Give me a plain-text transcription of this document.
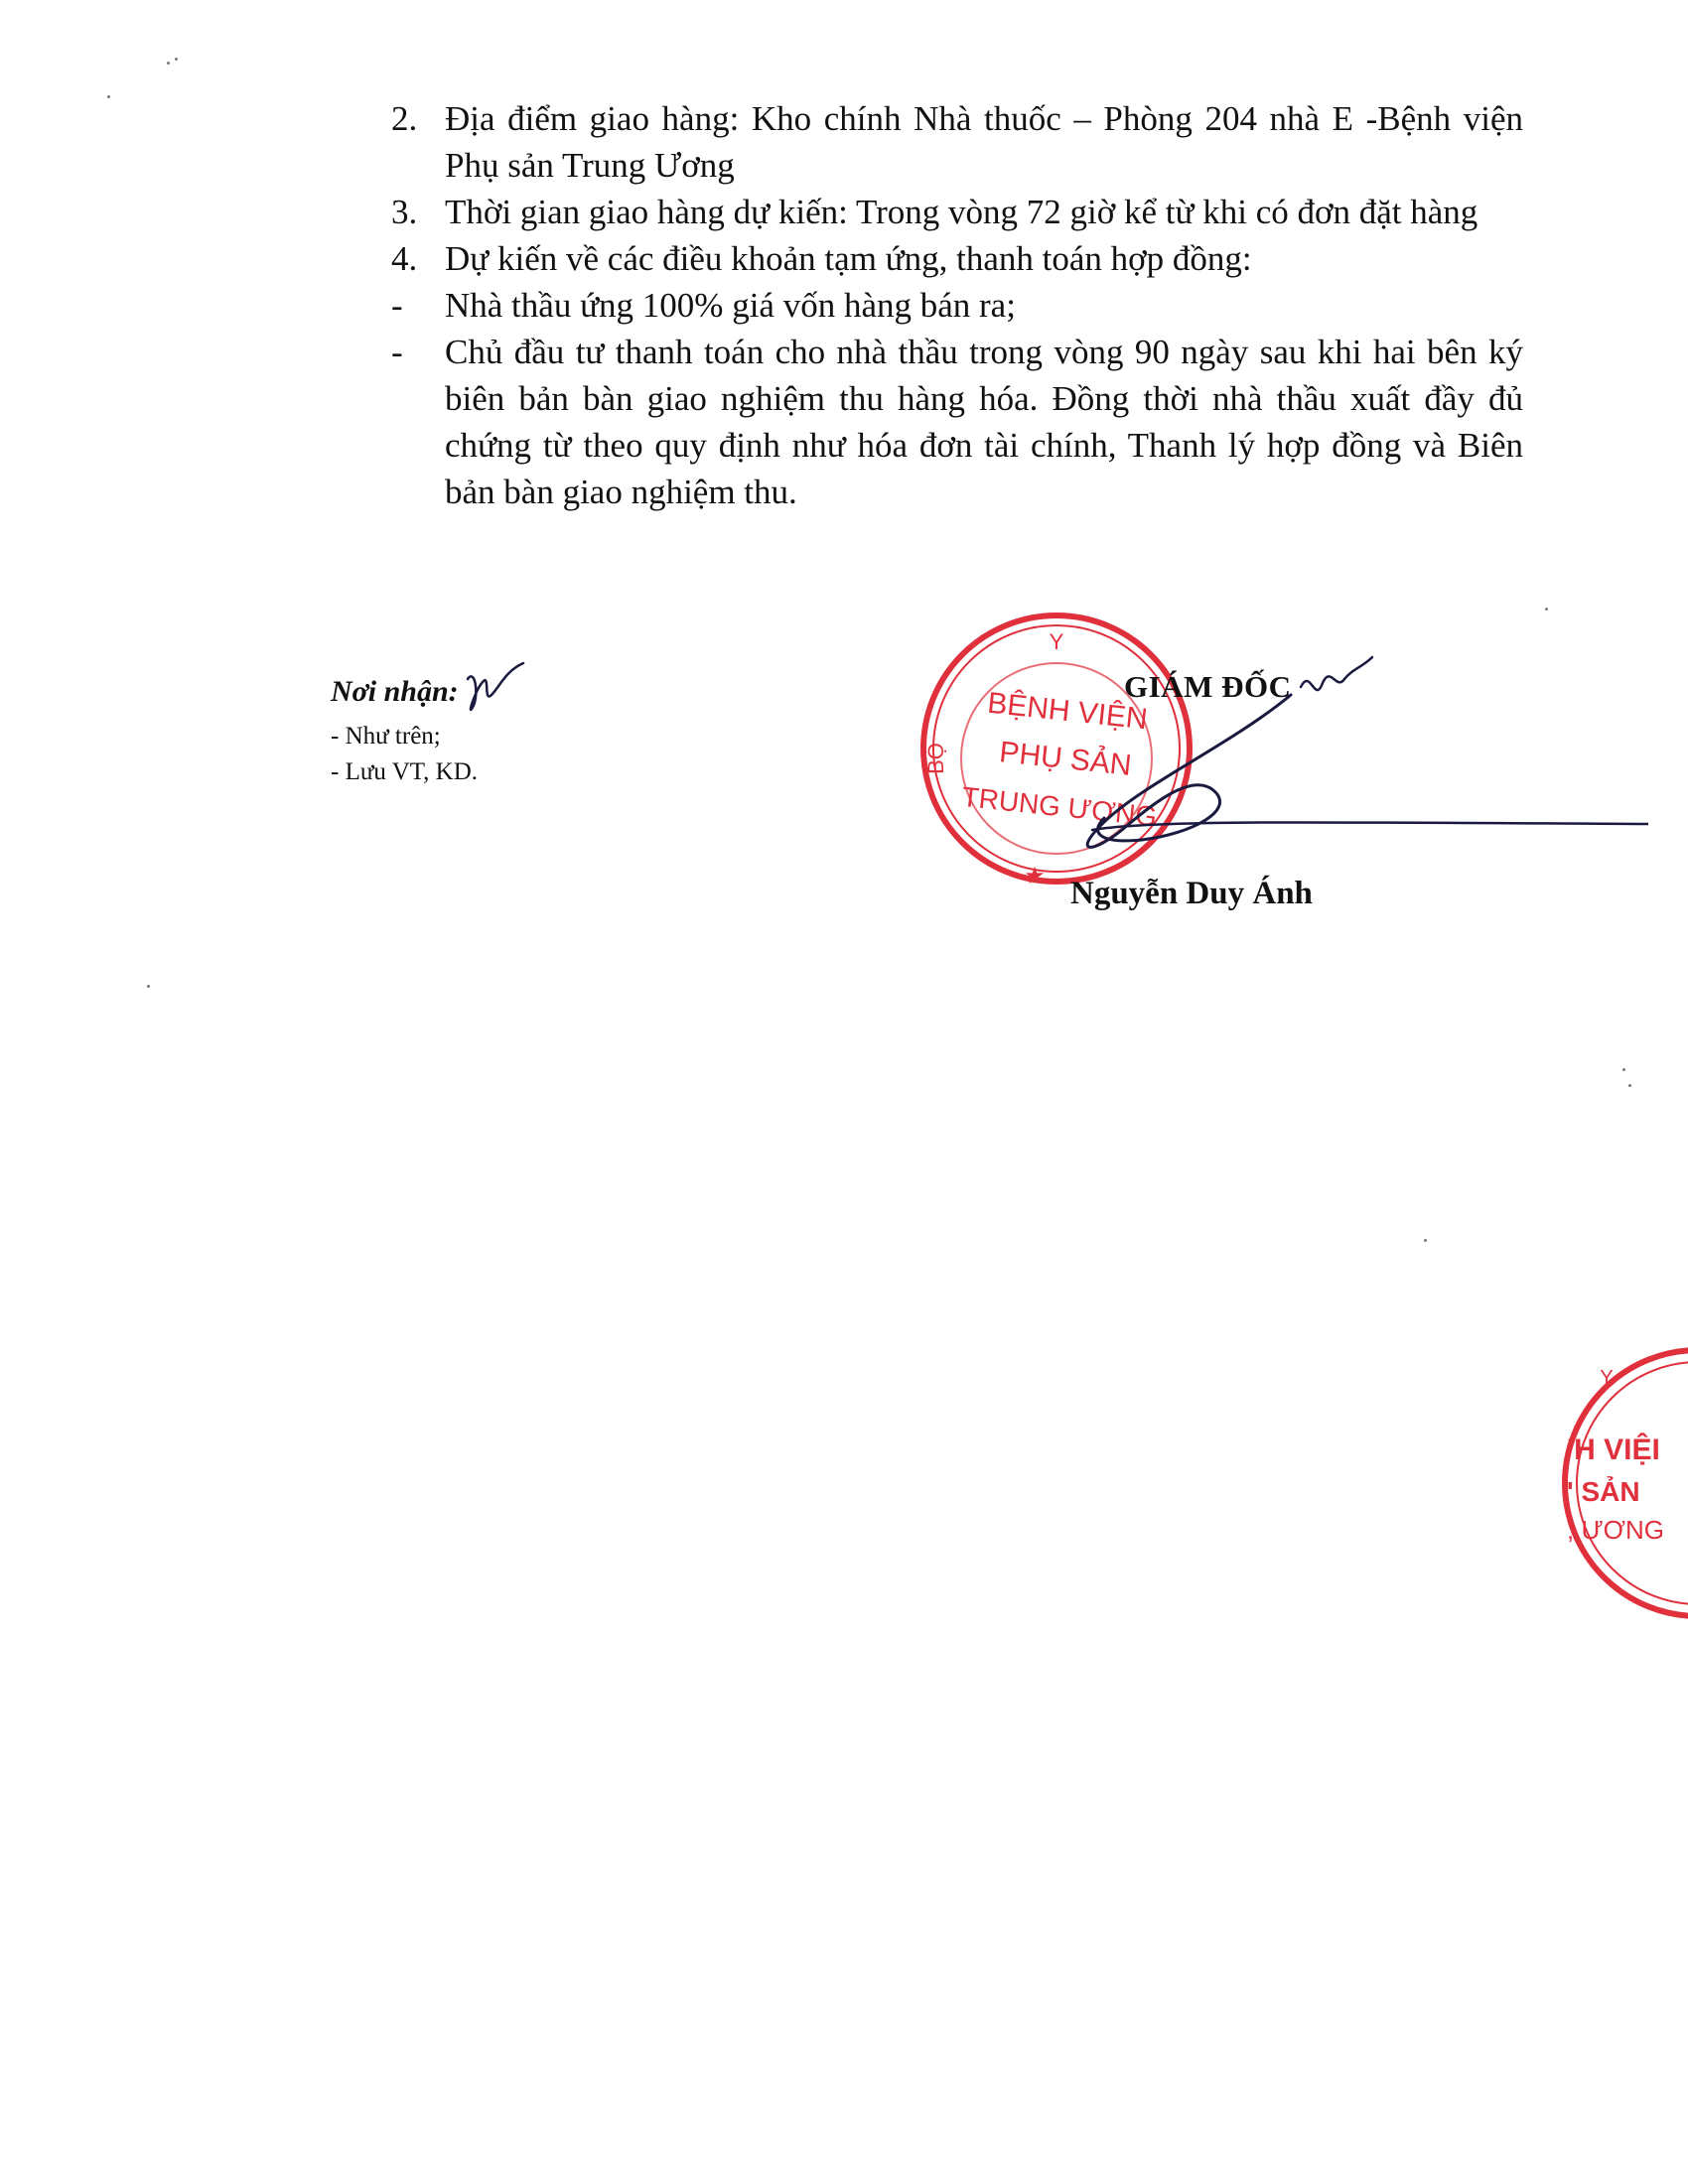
2. Địa điểm giao hàng: Kho chính Nhà thuốc – Phòng 204 nhà E -Bệnh viện Phụ sản Trung Ương
3. Thời gian giao hàng dự kiến: Trong vòng 72 giờ kể từ khi có đơn đặt hàng
4. Dự kiến về các điều khoản tạm ứng, thanh toán hợp đồng:
-	Nhà thầu ứng 100% giá vốn hàng bán ra;
-	Chủ đầu tư thanh toán cho nhà thầu trong vòng 90 ngày sau khi hai bên ký biên bản bàn giao nghiệm thu hàng hóa. Đồng thời nhà thầu xuất đầy đủ chứng từ theo quy định như hóa đơn tài chính, Thanh lý hợp đồng và Biên bản bàn giao nghiệm thu.
Nơi nhận:
- Như trên;
- Lưu VT, KD.
Y
BỘ
BỆNH VIỆN
PHỤ SẢN
TRUNG ƯƠNG
★
GIÁM ĐỐC
Nguyễn Duy Ánh
Y
'H VIỆI
' SẢN
; ƯƠNG
